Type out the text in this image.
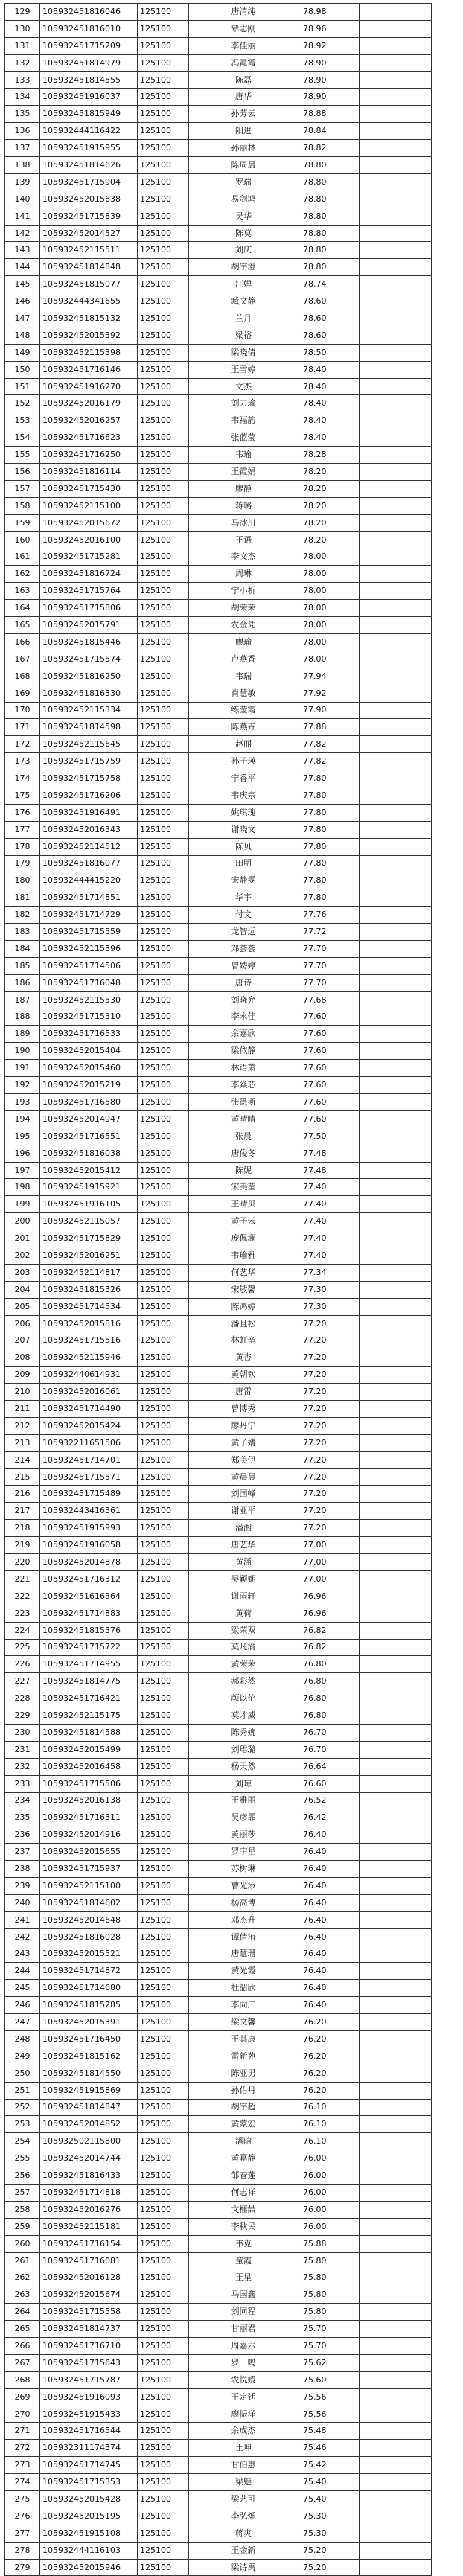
129	105932451816046	125100	唐清纯	78.98	
130	105932451816010	125100	覃志刚	78.96	
131	105932451715209	125100	李佳丽	78.92	
132	105932451814979	125100	冯霞霞	78.90	
133	105932451814555	125100	陈磊	78.90	
134	105932451916037	125100	唐华	78.90	
135	105932451815949	125100	孙芳云	78.88	
136	105932444116422	125100	阳进	78.84	
137	105932451915955	125100	孙丽林	78.82	
138	105932451814626	125100	陈周晨	78.80	
139	105932451715904	125100	罗瑞	78.80	
140	105932452015638	125100	易剑鸿	78.80	
141	105932451715839	125100	吴华	78.80	
142	105932452014527	125100	陈莫	78.80	
143	105932452115511	125100	刘庆	78.80	
144	105932451814848	125100	胡宇澄	78.80	
145	105932451815077	125100	江婵	78.74	
146	105932444341655	125100	臧文静	78.60	
147	105932451815132	125100	兰月	78.60	
148	105932452015392	125100	梁裕	78.60	
149	105932452115398	125100	梁晓倩	78.50	
150	105932451716146	125100	王雪婷	78.40	
151	105932451916270	125100	文杰	78.40	
152	105932452016179	125100	刘力瑜	78.40	
153	105932452016257	125100	韦福韵	78.40	
154	105932451716623	125100	张蓝莹	78.40	
155	105932451716250	125100	韦瑜	78.28	
156	105932451816114	125100	王霞娟	78.20	
157	105932451715430	125100	廖静	78.20	
158	105932452115100	125100	蒋璐	78.20	
159	105932452015672	125100	马冰川	78.20	
160	105932452016100	125100	王语	78.20	
161	105932451715281	125100	李文杰	78.00	
162	105932451816724	125100	周琳	78.00	
163	105932451715764	125100	宁小析	78.00	
164	105932451715806	125100	胡荣荣	78.00	
165	105932452015791	125100	农金凭	78.00	
166	105932451815446	125100	廖瑜	78.00	
167	105932451715574	125100	卢燕香	78.00	
168	105932451816250	125100	韦瑞	77.94	
169	105932451816330	125100	肖慧敏	77.92	
170	105932452115334	125100	练莹霞	77.90	
171	105932451814598	125100	陈燕卉	77.88	
172	105932452115645	125100	赵丽	77.82	
173	105932451715759	125100	孙子瑛	77.82	
174	105932451715758	125100	宁香平	77.80	
175	105932451716206	125100	韦庆宗	77.80	
176	105932451916491	125100	姚琪瑰	77.80	
177	105932452016343	125100	谢晓文	77.80	
178	105932452114512	125100	陈贝	77.80	
179	105932451816077	125100	田明	77.80	
180	105932444415220	125100	宋静雯	77.80	
181	105932451714851	125100	华宇	77.80	
182	105932451714729	125100	付文	77.76	
183	105932451715559	125100	龙智远	77.72	
184	105932452115396	125100	邓荟荟	77.70	
185	105932451714506	125100	曾娉婷	77.70	
186	105932451716048	125100	唐诗	77.70	
187	105932452115530	125100	刘晓允	77.68	
188	105932451715310	125100	李永佳	77.60	
189	105932451716533	125100	余嘉欣	77.60	
190	105932452015404	125100	梁依静	77.60	
191	105932452015460	125100	林语萧	77.60	
192	105932452015219	125100	李焱芯	77.60	
193	105932451716580	125100	张愚斯	77.60	
194	105932452014947	125100	黄晴晴	77.60	
195	105932451716551	125100	张晨	77.50	
196	105932451816038	125100	唐俊冬	77.48	
197	105932452015412	125100	陈妮	77.48	
198	105932451915921	125100	宋美莹	77.40	
199	105932451916105	125100	王晴贝	77.40	
200	105932452115057	125100	黄子云	77.40	
201	105932451715829	125100	庞佩澜	77.40	
202	105932452016251	125100	韦瑜雅	77.40	
203	105932452114817	125100	何艺华	77.34	
204	105932451815326	125100	宋敏馨	77.30	
205	105932451714534	125100	陈鸿婷	77.30	
206	105932452015816	125100	潘且松	77.20	
207	105932451715516	125100	林虹辛	77.20	
208	105932452115946	125100	黄杏	77.20	
209	105932440614931	125100	黄朝钦	77.20	
210	105932452016061	125100	唐雷	77.20	
211	105932451714490	125100	曾博秀	77.20	
212	105932452015424	125100	廖丹宁	77.20	
213	105932211651506	125100	黄子婧	77.20	
214	105932451714701	125100	郑美伊	77.20	
215	105932451715571	125100	黄晨晨	77.20	
216	105932451715489	125100	刘国峰	77.20	
217	105932443416361	125100	谢亚平	77.20	
218	105932451915993	125100	潘湘	77.20	
219	105932451916058	125100	唐艺华	77.00	
220	105932452014878	125100	黄涵	77.00	
221	105932451716312	125100	吴颖娴	77.00	
222	105932451616364	125100	谢雨轩	76.96	
223	105932451714883	125100	黄荷	76.96	
224	105932451815376	125100	梁荣双	76.82	
225	105932451715722	125100	莫凡渝	76.82	
226	105932451714955	125100	黄荣荣	76.80	
227	105932451814775	125100	郝彩然	76.80	
228	105932451716421	125100	颜以伦	76.80	
229	105932452115175	125100	莫才威	76.80	
230	105932451814588	125100	陈秀婉	76.70	
231	105932452015499	125100	刘珺璐	76.70	
232	105932452016458	125100	杨天然	76.64	
233	105932451715506	125100	刘琼	76.60	
234	105932452016138	125100	王雅丽	76.52	
235	105932451716311	125100	吴彦霏	76.42	
236	105932452014916	125100	黄丽莎	76.40	
237	105932452015655	125100	罗宇星	76.40	
238	105932451715937	125100	苏树琳	76.40	
239	105932452115100	125100	曹光添	76.40	
240	105932451814602	125100	杨高博	76.40	
241	105932452014648	125100	邓杰升	76.40	
242	105932451816028	125100	谭倩洧	76.40	
243	105932452015521	125100	唐慧珊	76.40	
244	105932451714872	125100	黄光霞	76.40	
245	105932451714680	125100	杜韶欣	76.40	
246	105932451815285	125100	李向广	76.40	
247	105932452015391	125100	梁文馨	76.20	
248	105932451716450	125100	王其康	76.20	
249	105932451815162	125100	雷新苑	76.20	
250	105932451814550	125100	陈亚男	76.20	
251	105932451915869	125100	孙佑丹	76.20	
252	105932451814847	125100	胡宇超	76.10	
253	105932452014852	125100	黄蒙宏	76.10	
254	105932502115800	125100	潘晗	76.10	
255	105932452014744	125100	黄嘉静	76.00	
256	105932451816433	125100	邹春莲	76.00	
257	105932451714818	125100	何志祥	76.00	
258	105932452016276	125100	文榧喆	76.00	
259	105932452115181	125100	李秋民	76.00	
260	105932451716154	125100	韦克	75.88	
261	105932451716081	125100	童霞	75.80	
262	105932452016128	125100	王星	75.80	
263	105932452015674	125100	马国鑫	75.80	
264	105932451715558	125100	刘同程	75.80	
265	105932451814737	125100	甘丽君	75.70	
266	105932451716710	125100	周嘉六	75.70	
267	105932451715643	125100	罗一鸣	75.62	
268	105932451715787	125100	农悦嫒	75.60	
269	105932451916093	125100	王定廷	75.56	
270	105932451915433	125100	廖振洋	75.56	
271	105932451716544	125100	余成杰	75.48	
272	105932311174374	125100	王坤	75.46	
273	105932451714745	125100	甘伯惠	75.42	
274	105932451715353	125100	梁魅	75.40	
275	105932452015428	125100	梁艺可	75.40	
276	105932452015195	125100	李弘烁	75.30	
277	105932451915108	125100	蒋爽	75.30	
278	105932444116103	125100	王金新	75.20	
279	105932452015946	125100	梁诗禹	75.20	
